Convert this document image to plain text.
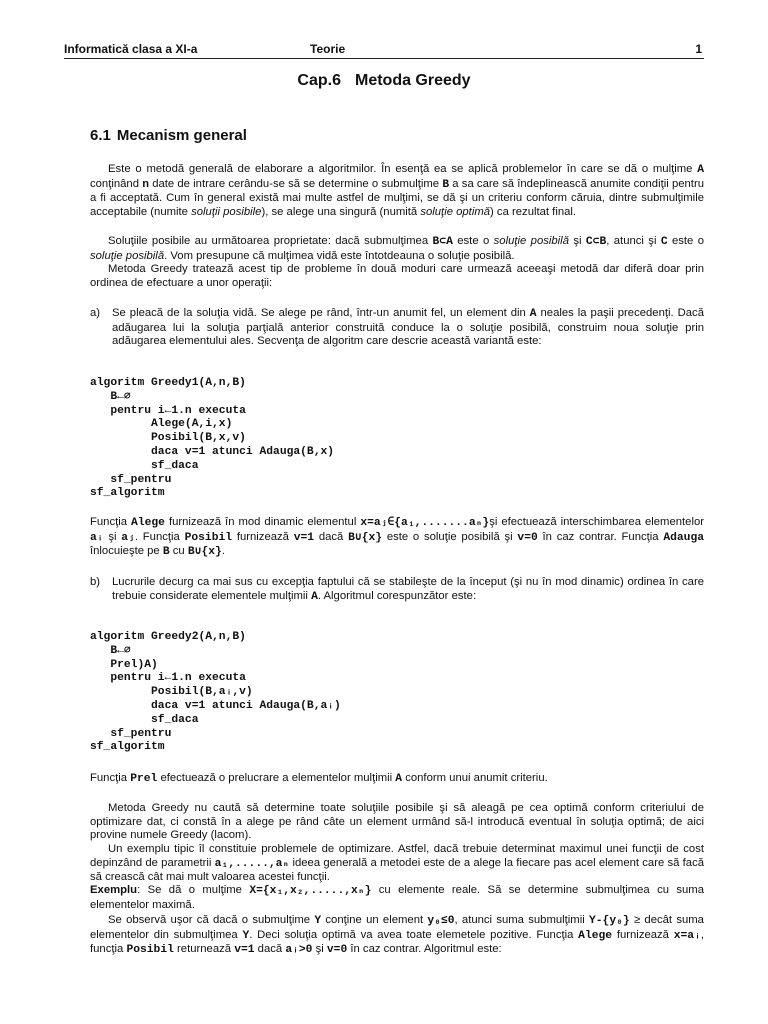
Informatică clasa a XI-a	Teorie	1
Cap.6 Metoda Greedy
6.1 Mecanism general
Este o metodă generală de elaborare a algoritmilor. În esenţă ea se aplică problemelor în care se dă o mulţime A conţinând n date de intrare cerându-se să se determine o submulţime B a sa care să îndeplinească anumite condiţii pentru a fi acceptată. Cum în general există mai multe astfel de mulţimi, se dă şi un criteriu conform căruia, dintre submulţimile acceptabile (numite soluţii posibile), se alege una singură (numită soluţie optimă) ca rezultat final.
Soluţiile posibile au următoarea proprietate: dacă submulţimea B⊂A este o soluţie posibilă şi C⊂B, atunci şi C este o soluţie posibilă. Vom presupune că mulţimea vidă este întotdeauna o soluţie posibilă.
Metoda Greedy tratează acest tip de probleme în două moduri care urmează aceeaşi metodă dar diferă doar prin ordinea de efectuare a unor operaţii:
a) Se pleacă de la soluţia vidă. Se alege pe rând, într-un anumit fel, un element din A neales la paşii precedenţi. Dacă adăugarea lui la soluţia parţială anterior construită conduce la o soluţie posibilă, construim noua soluţie prin adăugarea elementului ales. Secvenţa de algoritm care descrie această variantă este:
algoritm Greedy1(A,n,B)
B←∅
pentru i←1.n executa
Alege(A,i,x)
Posibil(B,x,v)
daca v=1 atunci Adauga(B,x)
sf_daca
sf_pentru
sf_algoritm
Funcţia Alege furnizează în mod dinamic elementul x=aⱼ∈{a₁,.......aₙ}şi efectuează interschimbarea elementelor aᵢ şi aⱼ. Funcţia Posibil furnizează v=1 dacă B∪{x} este o soluţie posibilă şi v=0 în caz contrar. Funcţia Adauga înlocuieşte pe B cu B∪{x}.
b) Lucrurile decurg ca mai sus cu excepţia faptului că se stabileşte de la început (şi nu în mod dinamic) ordinea în care trebuie considerate elementele mulţimii A. Algoritmul corespunzător este:
algoritm Greedy2(A,n,B)
B←∅
Prel)A)
pentru i←1.n executa
Posibil(B,aᵢ,v)
daca v=1 atunci Adauga(B,aᵢ)
sf_daca
sf_pentru
sf_algoritm
Funcţia Prel efectuează o prelucrare a elementelor mulţimii A conform unui anumit criteriu.
Metoda Greedy nu caută să determine toate soluţiile posibile şi să aleagă pe cea optimă conform criteriului de optimizare dat, ci constă în a alege pe rând câte un element urmând să-l introducă eventual în soluţia optimă; de aici provine numele Greedy (lacom).
Un exemplu tipic îl constituie problemele de optimizare. Astfel, dacă trebuie determinat maximul unei funcţii de cost depinzând de parametrii a₁,.....,aₙ ideea generală a metodei este de a alege la fiecare pas acel element care să facă să crească cât mai mult valoarea acestei funcţii.
Exemplu: Se dă o mulţime X={x₁,x₂,.....,xₙ} cu elemente reale. Să se determine submulţimea cu suma elementelor maximă.
Se observă uşor că dacă o submulţime Y conţine un element y₀≤0, atunci suma submulţimii Y-{y₀} ≥ decât suma elementelor din submulţimea Y. Deci soluţia optimă va avea toate elemetele pozitive. Funcţia Alege furnizează x=aᵢ, funcţia Posibil returnează v=1 dacă aᵢ>0 şi v=0 în caz contrar. Algoritmul este:
